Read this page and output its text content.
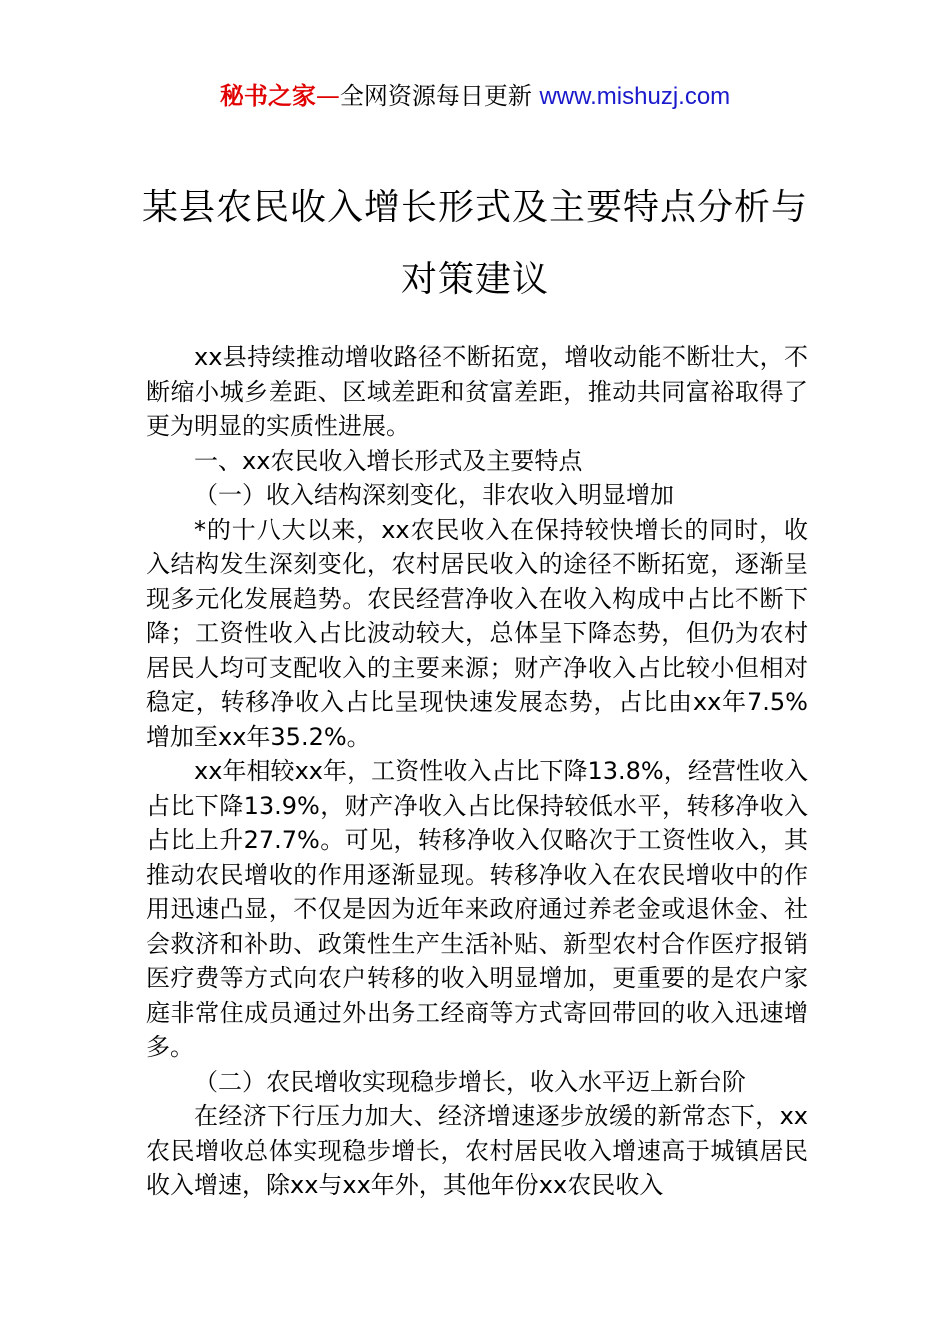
秘书之家—全网资源每日更新 www.mishuzj.com
某县农民收入增长形式及主要特点分析与
对策建议

xx县持续推动增收路径不断拓宽，增收动能不断壮大，不断缩小城乡差距、区域差距和贫富差距，推动共同富裕取得了更为明显的实质性进展。

一、xx农民收入增长形式及主要特点

（一）收入结构深刻变化，非农收入明显增加

*的十八大以来，xx农民收入在保持较快增长的同时，收入结构发生深刻变化，农村居民收入的途径不断拓宽，逐渐呈现多元化发展趋势。农民经营净收入在收入构成中占比不断下降；工资性收入占比波动较大，总体呈下降态势，但仍为农村居民人均可支配收入的主要来源；财产净收入占比较小但相对稳定，转移净收入占比呈现快速发展态势，占比由xx年7.5%增加至xx年35.2%。

xx年相较xx年，工资性收入占比下降13.8%，经营性收入占比下降13.9%，财产净收入占比保持较低水平，转移净收入占比上升27.7%。可见，转移净收入仅略次于工资性收入，其推动农民增收的作用逐渐显现。转移净收入在农民增收中的作用迅速凸显，不仅是因为近年来政府通过养老金或退休金、社会救济和补助、政策性生产生活补贴、新型农村合作医疗报销医疗费等方式向农户转移的收入明显增加，更重要的是农户家庭非常住成员通过外出务工经商等方式寄回带回的收入迅速增多。

（二）农民增收实现稳步增长，收入水平迈上新台阶

在经济下行压力加大、经济增速逐步放缓的新常态下，xx农民增收总体实现稳步增长，农村居民收入增速高于城镇居民收入增速，除xx与xx年外，其他年份xx农民收入
